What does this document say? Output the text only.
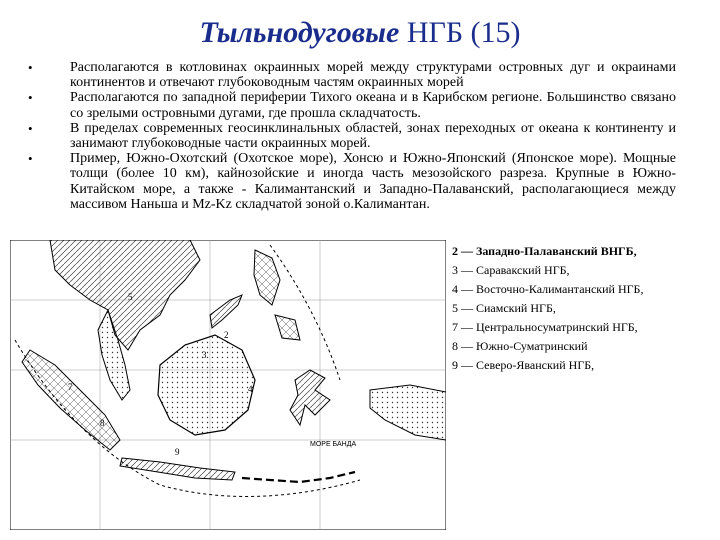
Тыльнодуговые НГБ (15)
• Располагаются в котловинах окраинных морей между структурами островных дуг и окраинами континентов и отвечают глубоководным частям окраинных морей
• Располагаются по западной периферии Тихого океана и в Карибском регионе. Большинство связано со зрелыми островными дугами, где прошла складчатость.
• В пределах современных геосинклинальных областей, зонах переходных от океана к континенту и занимают глубоководные части окраинных морей.
• Пример, Южно-Охотский (Охотское море), Хонсю и Южно-Японский (Японское море). Мощные толщи (более 10 км), кайнозойские и иногда часть мезозойского разреза. Крупные в Южно-Китайском море, а также - Калимантанский и Западно-Палаванский, располагающиеся между массивом Наньша и Mz-Kz складчатой зоной о.Калимантан.
МОРЕ БАНДА
2
3
4
5
7
8
9
2 — Западно-Палаванский ВНГБ,
3 — Саравакский НГБ,
4 — Восточно-Калимантанский НГБ,
5 — Сиамский НГБ,
7 — Центральносуматринский НГБ,
8 — Южно-Суматринский
9 — Северо-Яванский НГБ,
